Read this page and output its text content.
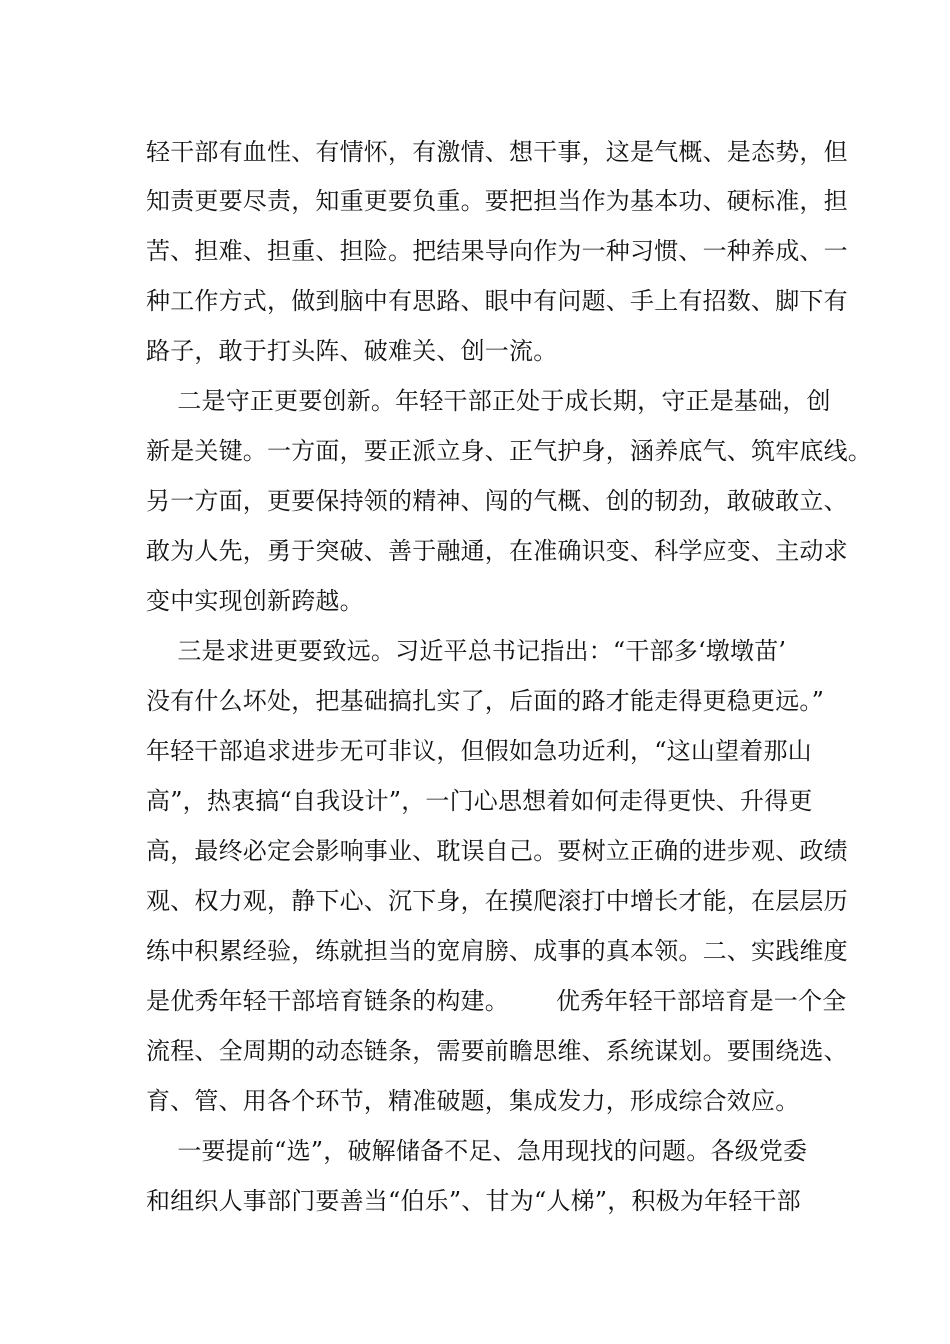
轻干部有血性、有情怀，有激情、想干事，这是气概、是态势，但
知责更要尽责，知重更要负重。要把担当作为基本功、硬标准，担
苦、担难、担重、担险。把结果导向作为一种习惯、一种养成、一
种工作方式，做到脑中有思路、眼中有问题、手上有招数、脚下有
路子，敢于打头阵、破难关、创一流。
二是守正更要创新。年轻干部正处于成长期，守正是基础，创
新是关键。一方面，要正派立身、正气护身，涵养底气、筑牢底线。
另一方面，更要保持领的精神、闯的气概、创的韧劲，敢破敢立、
敢为人先，勇于突破、善于融通，在准确识变、科学应变、主动求
变中实现创新跨越。
三是求进更要致远。习近平总书记指出：“干部多‘墩墩苗’
没有什么坏处，把基础搞扎实了，后面的路才能走得更稳更远。”
年轻干部追求进步无可非议，但假如急功近利，“这山望着那山
高”，热衷搞“自我设计”，一门心思想着如何走得更快、升得更
高，最终必定会影响事业、耽误自己。要树立正确的进步观、政绩
观、权力观，静下心、沉下身，在摸爬滚打中增长才能，在层层历
练中积累经验，练就担当的宽肩膀、成事的真本领。二、实践维度
是优秀年轻干部培育链条的构建。      优秀年轻干部培育是一个全
流程、全周期的动态链条，需要前瞻思维、系统谋划。要围绕选、
育、管、用各个环节，精准破题，集成发力，形成综合效应。
一要提前“选”，破解储备不足、急用现找的问题。各级党委
和组织人事部门要善当“伯乐”、甘为“人梯”，积极为年轻干部
